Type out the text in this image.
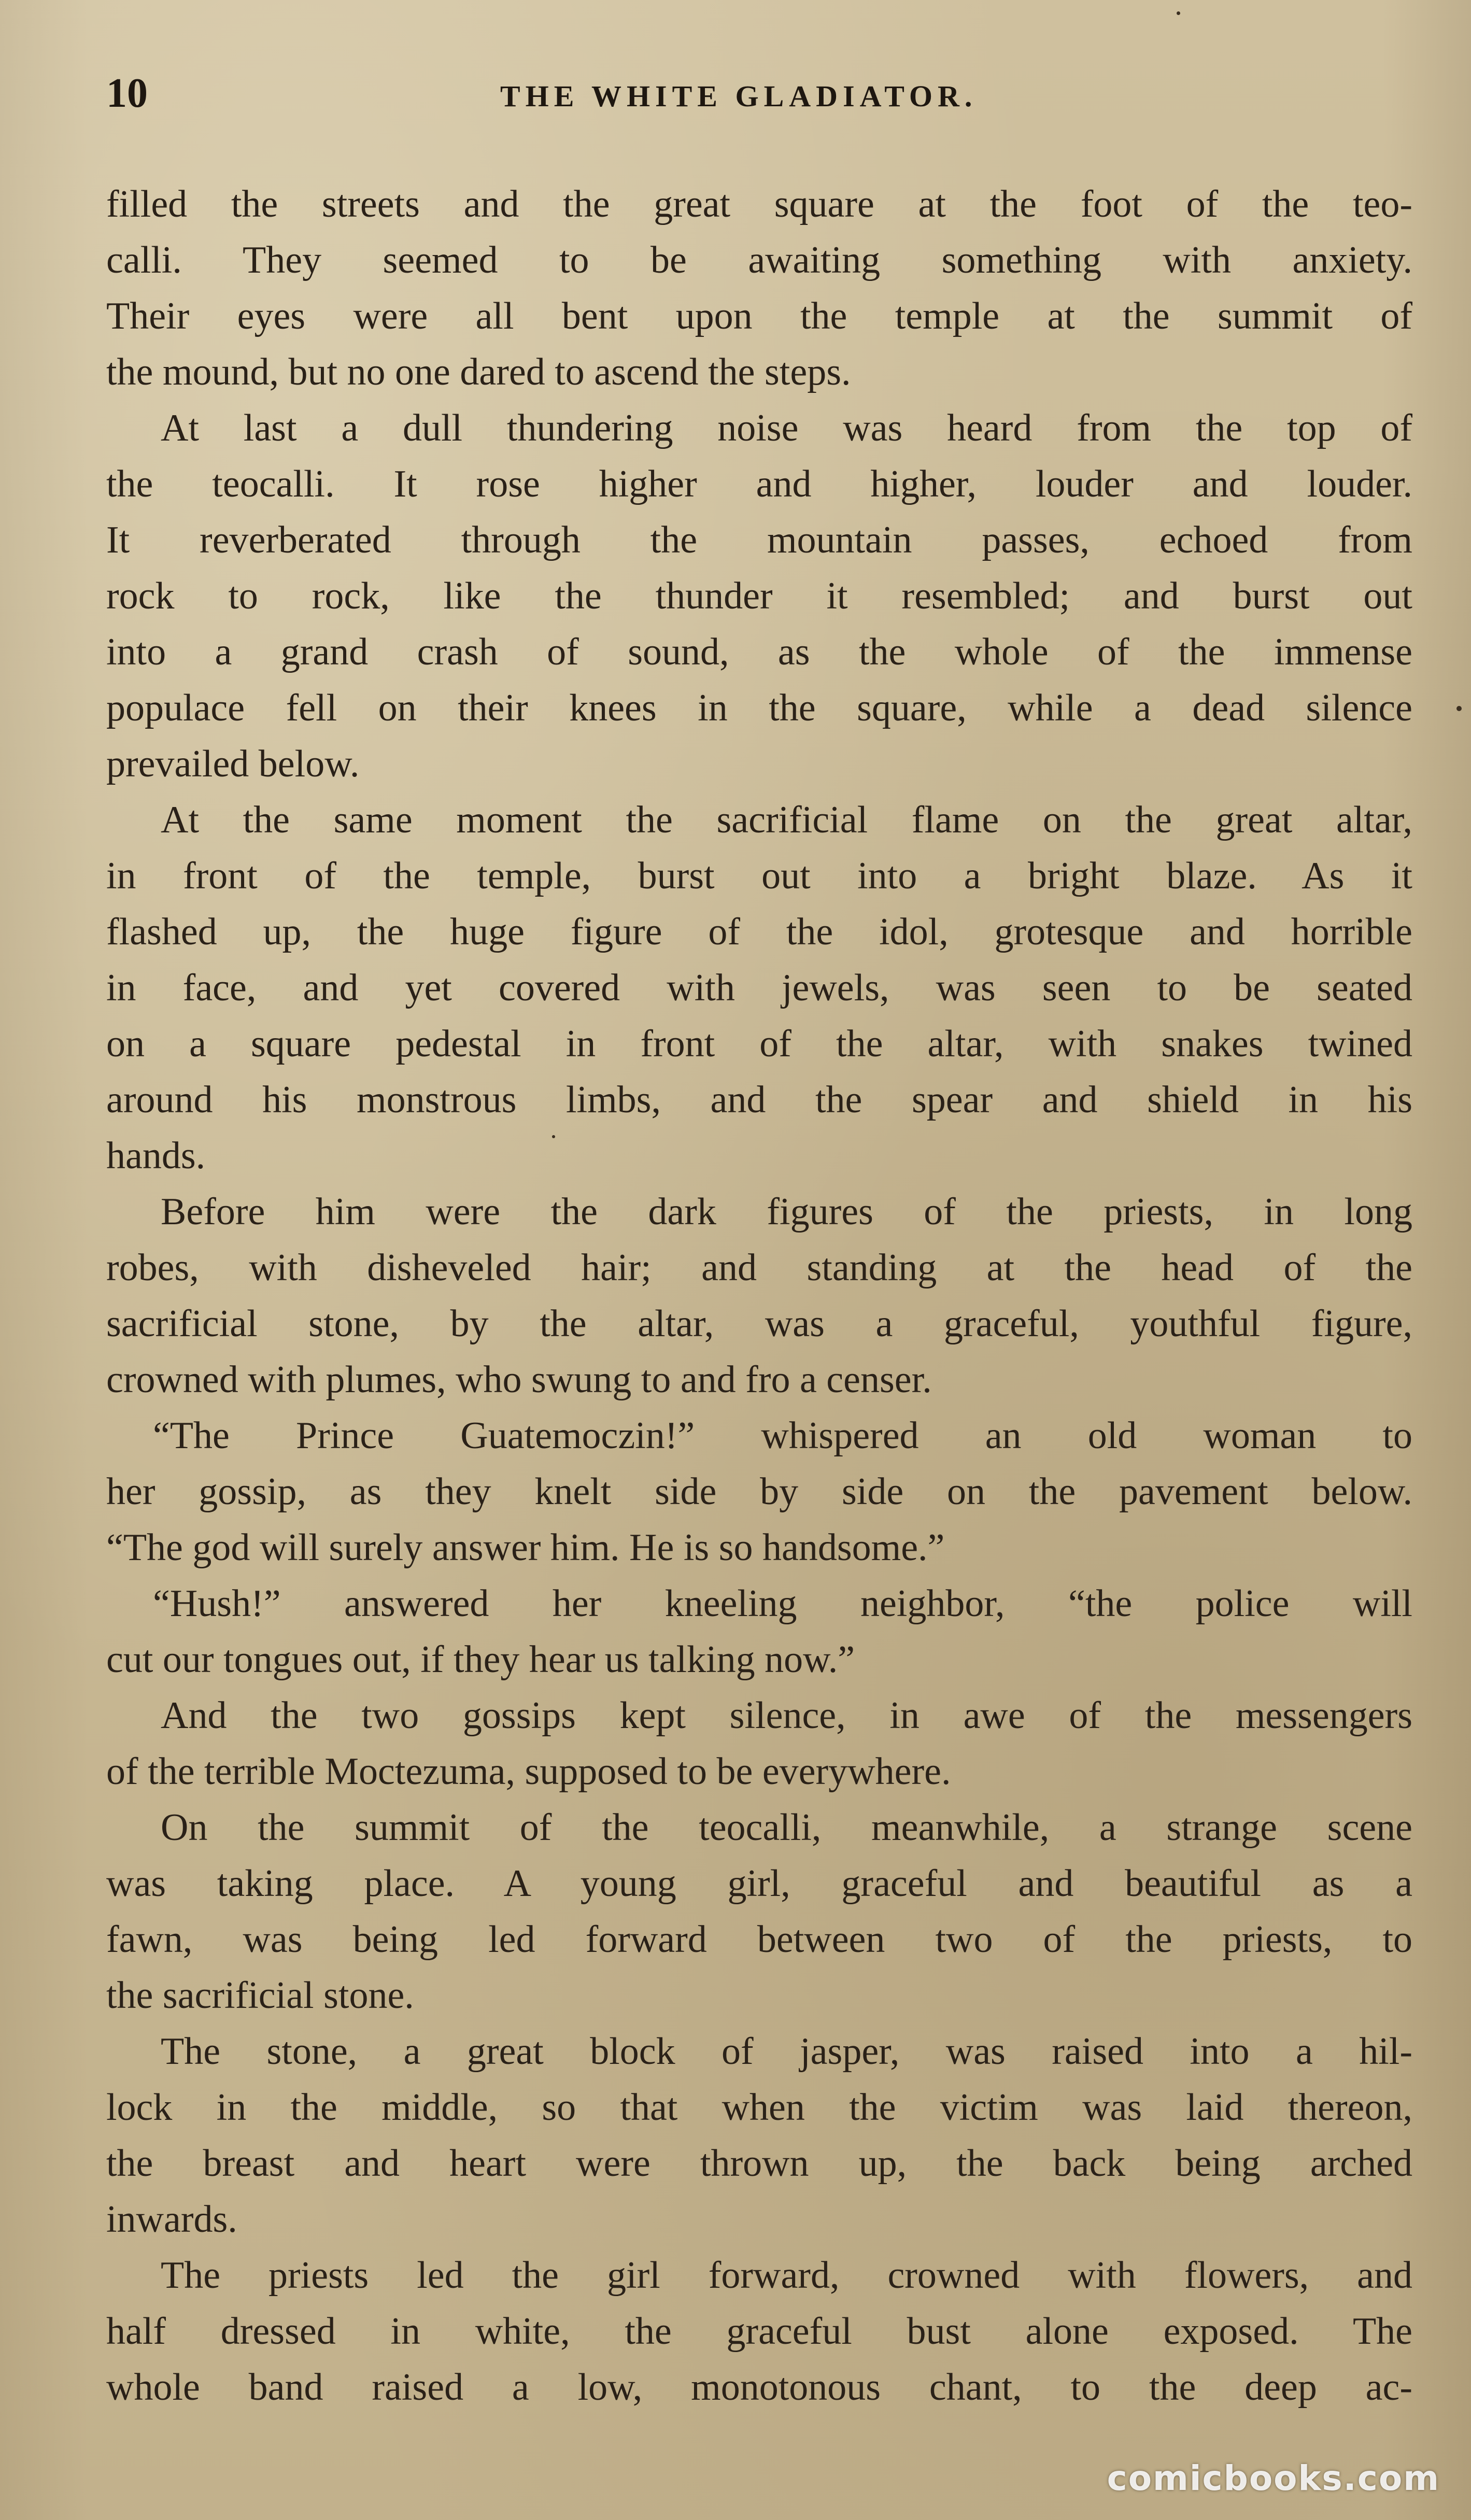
10	THE WHITE GLADIATOR.
filled the streets and the great square at the foot of the teo-
calli. They seemed to be awaiting something with anxiety.
Their eyes were all bent upon the temple at the summit of
the mound, but no one dared to ascend the steps.
At last a dull thundering noise was heard from the top of
the teocalli. It rose higher and higher, louder and louder.
It reverberated through the mountain passes, echoed from
rock to rock, like the thunder it resembled; and burst out
into a grand crash of sound, as the whole of the immense
populace fell on their knees in the square, while a dead silence
prevailed below.
At the same moment the sacrificial flame on the great altar,
in front of the temple, burst out into a bright blaze. As it
flashed up, the huge figure of the idol, grotesque and horrible
in face, and yet covered with jewels, was seen to be seated
on a square pedestal in front of the altar, with snakes twined
around his monstrous limbs, and the spear and shield in his
hands.
Before him were the dark figures of the priests, in long
robes, with disheveled hair; and standing at the head of the
sacrificial stone, by the altar, was a graceful, youthful figure,
crowned with plumes, who swung to and fro a censer.
“The Prince Guatemoczin!” whispered an old woman to
her gossip, as they knelt side by side on the pavement below.
“The god will surely answer him. He is so handsome.”
“Hush!” answered her kneeling neighbor, “the police will
cut our tongues out, if they hear us talking now.”
And the two gossips kept silence, in awe of the messengers
of the terrible Moctezuma, supposed to be everywhere.
On the summit of the teocalli, meanwhile, a strange scene
was taking place. A young girl, graceful and beautiful as a
fawn, was being led forward between two of the priests, to
the sacrificial stone.
The stone, a great block of jasper, was raised into a hil-
lock in the middle, so that when the victim was laid thereon,
the breast and heart were thrown up, the back being arched
inwards.
The priests led the girl forward, crowned with flowers, and
half dressed in white, the graceful bust alone exposed. The
whole band raised a low, monotonous chant, to the deep ac-
comicbooks.com
